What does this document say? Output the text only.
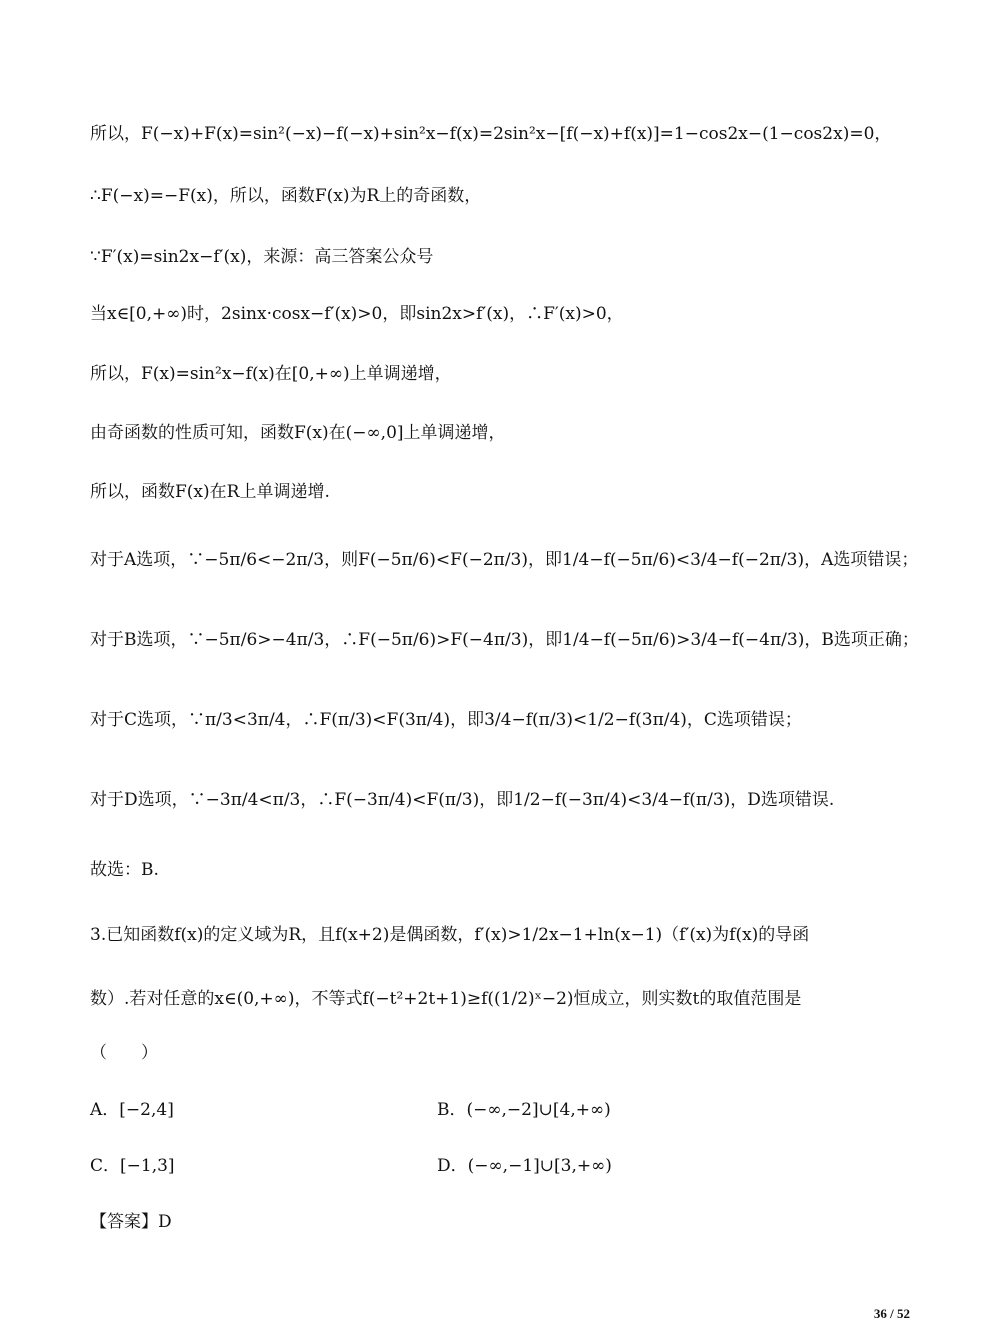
所以，F(−x)+F(x)=sin²(−x)−f(−x)+sin²x−f(x)=2sin²x−[f(−x)+f(x)]=1−cos2x−(1−cos2x)=0，
∴F(−x)=−F(x)，所以，函数F(x)为R上的奇函数，
∵F′(x)=sin2x−f′(x)，来源：高三答案公众号
当x∈[0,+∞)时，2sinx·cosx−f′(x)>0，即sin2x>f′(x)，∴F′(x)>0，
所以，F(x)=sin²x−f(x)在[0,+∞)上单调递增，
由奇函数的性质可知，函数F(x)在(−∞,0]上单调递增，
所以，函数F(x)在R上单调递增.
对于A选项，∵−5π/6<−2π/3，则F(−5π/6)<F(−2π/3)，即1/4−f(−5π/6)<3/4−f(−2π/3)，A选项错误；
对于B选项，∵−5π/6>−4π/3，∴F(−5π/6)>F(−4π/3)，即1/4−f(−5π/6)>3/4−f(−4π/3)，B选项正确；
对于C选项，∵π/3<3π/4，∴F(π/3)<F(3π/4)，即3/4−f(π/3)<1/2−f(3π/4)，C选项错误；
对于D选项，∵−3π/4<π/3，∴F(−3π/4)<F(π/3)，即1/2−f(−3π/4)<3/4−f(π/3)，D选项错误.
故选：B.
3.已知函数f(x)的定义域为R，且f(x+2)是偶函数，f′(x)>1/2x−1+ln(x−1)（f′(x)为f(x)的导函
数）.若对任意的x∈(0,+∞)，不等式f(−t²+2t+1)≥f((1/2)ˣ−2)恒成立，则实数t的取值范围是
（　　）
A．[−2,4]	B．(−∞,−2]∪[4,+∞)
C．[−1,3]	D．(−∞,−1]∪[3,+∞)
【答案】D
36 / 52
